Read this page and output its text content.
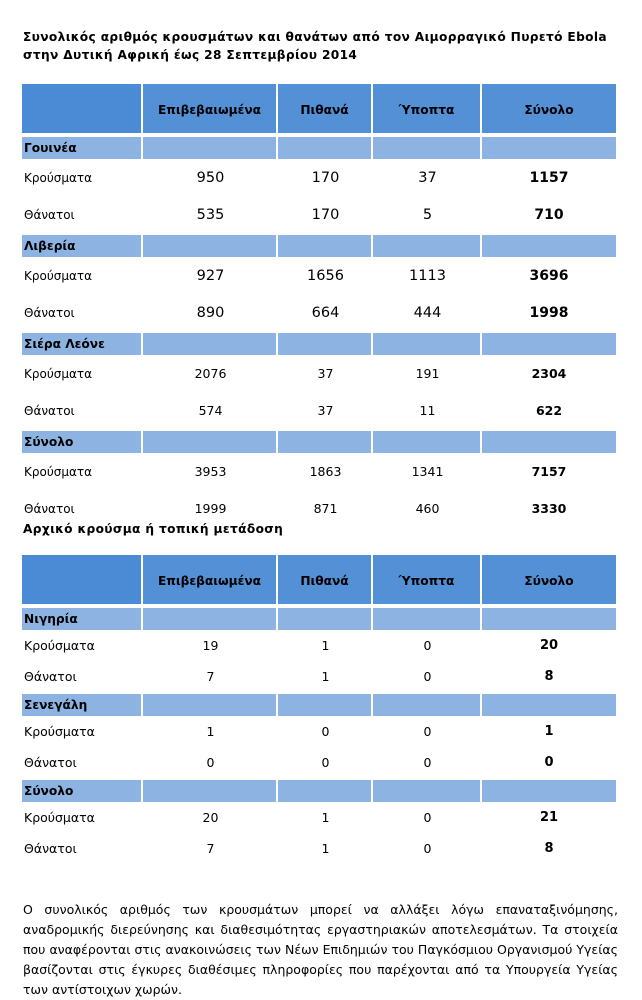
Συνολικός αριθμός κρουσμάτων και θανάτων από τον Αιμορραγικό Πυρετό Ebola στην Δυτική Αφρική έως 28 Σεπτεμβρίου 2014
	Επιβεβαιωμένα	Πιθανά	Ύποπτα	Σύνολο
Γουινέα				
Κρούσματα	950	170	37	1157
Θάνατοι	535	170	5	710
Λιβερία				
Κρούσματα	927	1656	1113	3696
Θάνατοι	890	664	444	1998
Σιέρα Λεόνε				
Κρούσματα	2076	37	191	2304
Θάνατοι	574	37	11	622
Σύνολο				
Κρούσματα	3953	1863	1341	7157
Θάνατοι	1999	871	460	3330
Αρχικό κρούσμα ή τοπική μετάδοση
	Επιβεβαιωμένα	Πιθανά	Ύποπτα	Σύνολο
Νιγηρία				
Κρούσματα	19	1	0	20
Θάνατοι	7	1	0	8
Σενεγάλη				
Κρούσματα	1	0	0	1
Θάνατοι	0	0	0	0
Σύνολο				
Κρούσματα	20	1	0	21
Θάνατοι	7	1	0	8
Ο συνολικός αριθμός των κρουσμάτων μπορεί να αλλάξει λόγω επαναταξινόμησης, αναδρομικής διερεύνησης και διαθεσιμότητας εργαστηριακών αποτελεσμάτων. Τα στοιχεία που αναφέρονται στις ανακοινώσεις των Νέων Επιδημιών του Παγκόσμιου Οργανισμού Υγείας βασίζονται στις έγκυρες διαθέσιμες πληροφορίες που παρέχονται από τα Υπουργεία Υγείας των αντίστοιχων χωρών.
